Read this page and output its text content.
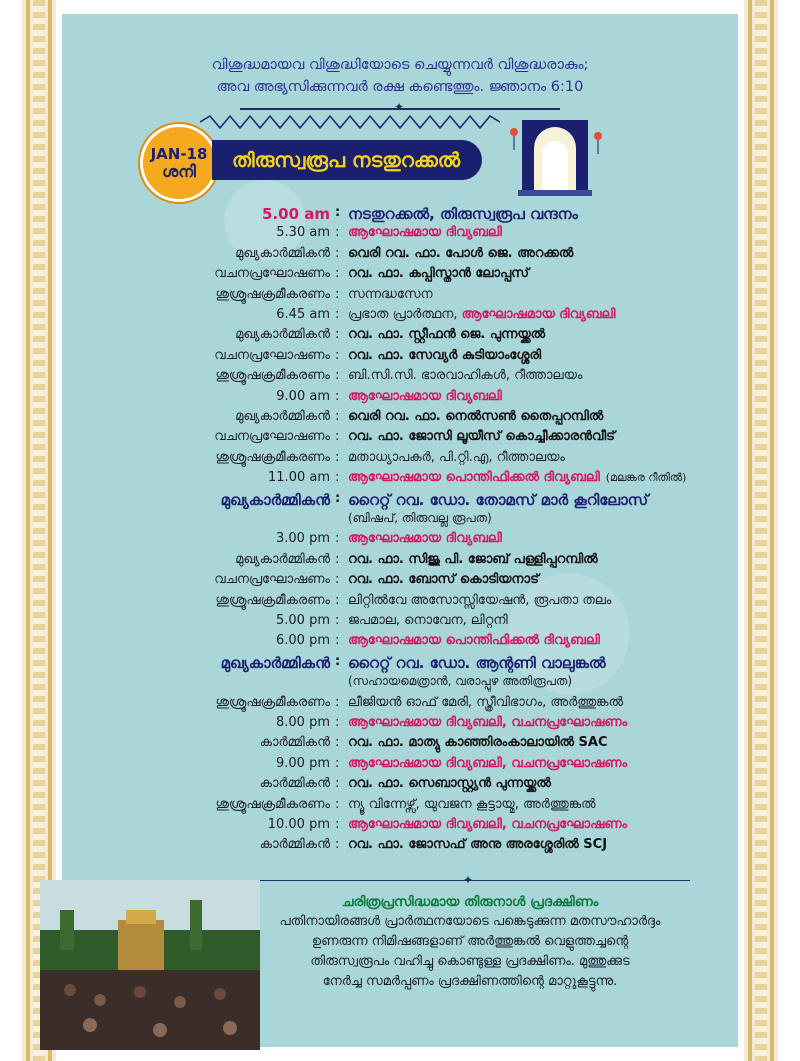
വിശുദ്ധമായവ വിശുദ്ധിയോടെ ചെയ്യുന്നവർ വിശുദ്ധരാകും;
അവ അഭ്യസിക്കുന്നവർ രക്ഷ കണ്ടെത്തും. ജ്ഞാനം 6:10
✦
JAN-18
ശനി തിരുസ്വരൂപ നടതുറക്കൽ
5.00 am : നടതുറക്കൽ, തിരുസ്വരൂപ വന്ദനം
5.30 am : ആഘോഷമായ ദിവ്യബലി
മുഖ്യകാർമ്മികൻ : വെരി റവ. ഫാ. പോൾ ജെ. അറക്കൽ
വചനപ്രഘോഷണം : റവ. ഫാ. കപ്പിസ്താൻ ലോപ്പസ്
ശുശ്രൂഷക്രമീകരണം : സന്നദ്ധസേന
6.45 am : പ്രഭാത പ്രാർത്ഥന, ആഘോഷമായ ദിവ്യബലി
മുഖ്യകാർമ്മികൻ : റവ. ഫാ. സ്റ്റീഫൻ ജെ. പുന്നയ്ക്കൽ
വചനപ്രഘോഷണം : റവ. ഫാ. സേവ്യർ കുടിയാംശ്ശേരി
ശുശ്രൂഷക്രമീകരണം : ബി.സി.സി. ഭാരവാഹികൾ, റീത്താലയം
9.00 am : ആഘോഷമായ ദിവ്യബലി
മുഖ്യകാർമ്മികൻ : വെരി റവ. ഫാ. നെൽസൺ തൈപ്പറമ്പിൽ
വചനപ്രഘോഷണം : റവ. ഫാ. ജോസി ലൂയീസ് കൊച്ചീക്കാരൻവീട്
ശുശ്രൂഷക്രമീകരണം : മതാധ്യാപകർ, പി.റ്റി.എ, റീത്താലയം
11.00 am : ആഘോഷമായ പൊന്തിഫിക്കൽ ദിവ്യബലി (മലങ്കര റീതിൽ)
മുഖ്യകാർമ്മികൻ : റൈറ്റ് റവ. ഡോ. തോമസ് മാർ കൂറിലോസ്
(ബിഷപ്, തിരുവല്ല രൂപത)
3.00 pm : ആഘോഷമായ ദിവ്യബലി
മുഖ്യകാർമ്മികൻ : റവ. ഫാ. സിജു പി. ജോബ് പള്ളിപ്പറമ്പിൽ
വചനപ്രഘോഷണം : റവ. ഫാ. ബോസ് കൊടിയനാട്
ശുശ്രൂഷക്രമീകരണം : ലിറ്റിൽവേ അസോസ്സിയേഷൻ, രൂപതാ തലം
5.00 pm : ജപമാല, നൊവേന, ലിറ്റനി
6.00 pm : ആഘോഷമായ പൊന്തിഫിക്കൽ ദിവ്യബലി
മുഖ്യകാർമ്മികൻ : റൈറ്റ് റവ. ഡോ. ആന്റണി വാലുങ്കൽ
(സഹായമെത്രാൻ, വരാപ്പുഴ അതിരൂപത)
ശുശ്രൂഷക്രമീകരണം : ലീജിയൻ ഓഫ് മേരി, സ്ത്രീവിഭാഗം, അർത്തുങ്കൽ
8.00 pm : ആഘോഷമായ ദിവ്യബലി, വചനപ്രഘോഷണം
കാർമ്മികൻ : റവ. ഫാ. മാത്യു കാഞ്ഞിരംകാലായിൽ SAC
9.00 pm : ആഘോഷമായ ദിവ്യബലി, വചനപ്രഘോഷണം
കാർമ്മികൻ : റവ. ഫാ. സെബാസ്റ്റ്യൻ പുന്നയ്ക്കൽ
ശുശ്രൂഷക്രമീകരണം : ന്യൂ വിന്നേഴ്സ്, യുവജന കൂട്ടായ്മ, അർത്തുങ്കൽ
10.00 pm : ആഘോഷമായ ദിവ്യബലി, വചനപ്രഘോഷണം
കാർമ്മികൻ : റവ. ഫാ. ജോസഫ് അനു അരശ്ശേരിൽ SCJ
✦
ചരിത്രപ്രസിദ്ധമായ തിരുനാൾ പ്രദക്ഷിണം
പതിനായിരങ്ങൾ പ്രാർത്ഥനയോടെ പങ്കെടുക്കുന്ന മതസൗഹാർദ്ദം
ഉണരുന്ന നിമിഷങ്ങളാണ് അർത്തുങ്കൽ വെളുത്തച്ചന്റെ
തിരുസ്വരൂപം വഹിച്ചു കൊണ്ടുള്ള പ്രദക്ഷിണം. മുത്തുക്കുട
നേർച്ച സമർപ്പണം പ്രദക്ഷിണത്തിന്റെ മാറ്റുകൂട്ടുന്നു.
